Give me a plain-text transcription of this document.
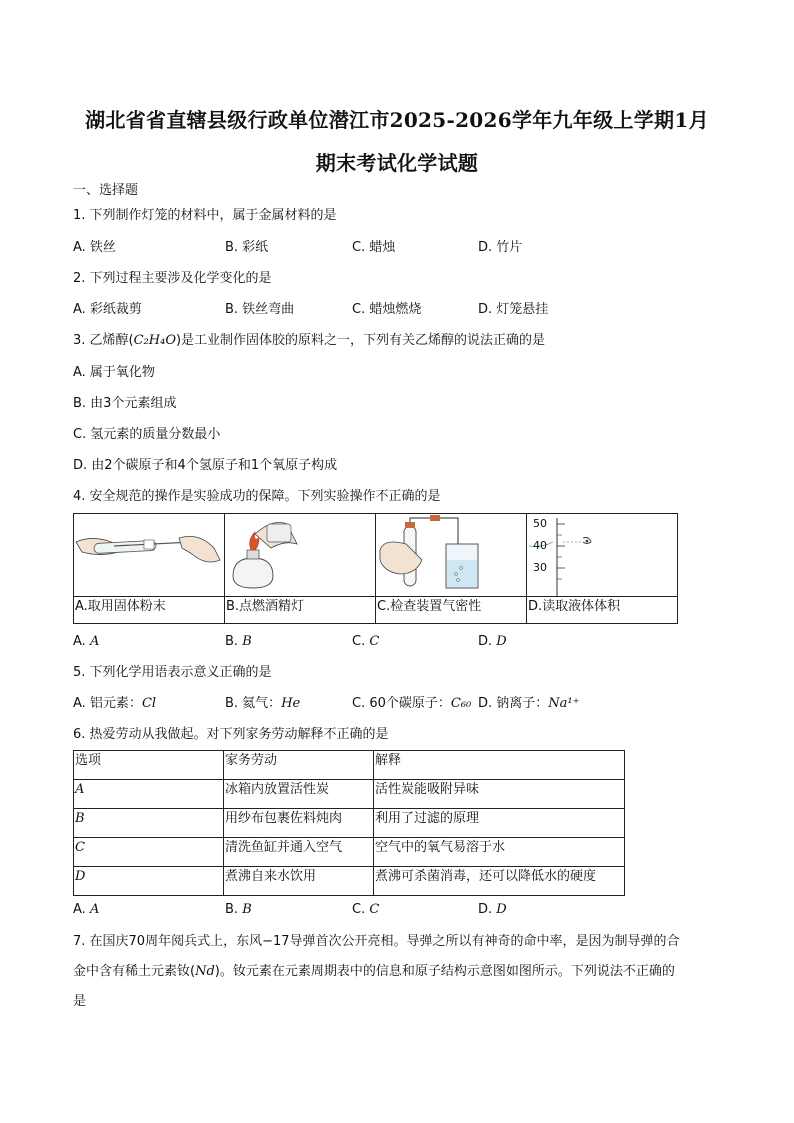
湖北省省直辖县级行政单位潜江市2025-2026学年九年级上学期1月
期末考试化学试题
一、选择题
1. 下列制作灯笼的材料中，属于金属材料的是
A. 铁丝	B. 彩纸	C. 蜡烛	D. 竹片
2. 下列过程主要涉及化学变化的是
A. 彩纸裁剪	B. 铁丝弯曲	C. 蜡烛燃烧	D. 灯笼悬挂
3. 乙烯醇(C₂H₄O)是工业制作固体胶的原料之一，下列有关乙烯醇的说法正确的是
A. 属于氧化物
B. 由3个元素组成
C. 氢元素的质量分数最小
D. 由2个碳原子和4个氢原子和1个氧原子构成
4. 安全规范的操作是实验成功的保障。下列实验操作不正确的是

A.取用固体粉末	B.点燃酒精灯	C.检查装置气密性	D.读取液体体积
50
40
30
A. A	B. B	C. C	D. D
5. 下列化学用语表示意义正确的是
A. 铝元素：Cl	B. 氦气：He	C. 60个碳原子：C₆₀ D. 钠离子：Na¹⁺
6. 热爱劳动从我做起。对下列家务劳动解释不正确的是
选项	家务劳动	解释
A	冰箱内放置活性炭	活性炭能吸附异味
B	用纱布包裹佐料炖肉	利用了过滤的原理
C	清洗鱼缸并通入空气	空气中的氧气易溶于水
D	煮沸自来水饮用	煮沸可杀菌消毒，还可以降低水的硬度
A. A	B. B	C. C	D. D
7. 在国庆70周年阅兵式上，东风−17导弹首次公开亮相。导弹之所以有神奇的命中率，是因为制导弹的合
金中含有稀土元素钕(Nd)。钕元素在元素周期表中的信息和原子结构示意图如图所示。下列说法不正确的
是
